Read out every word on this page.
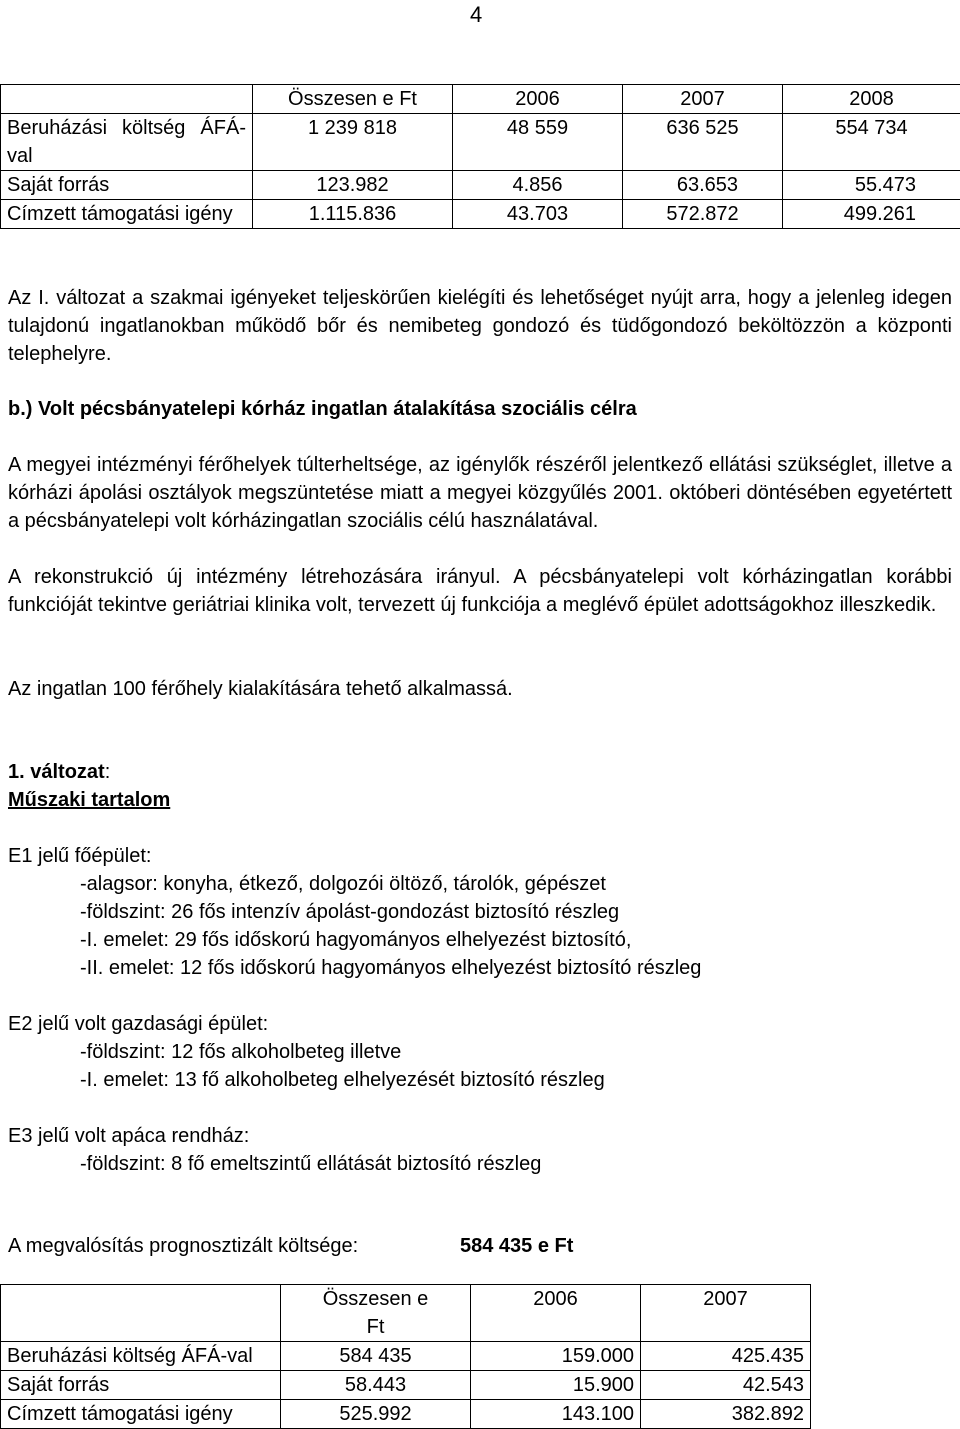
4
	Összesen e Ft	2006	2007	2008
Beruházási költség ÁFÁ-val	1 239 818	48 559	636 525	554 734
Saját forrás	123.982	4.856	63.653	55.473
Címzett támogatási igény	1.115.836	43.703	572.872	499.261
Az I. változat a szakmai igényeket teljeskörűen kielégíti és lehetőséget nyújt arra, hogy a jelenleg idegen tulajdonú ingatlanokban működő bőr és nemibeteg gondozó és tüdőgondozó beköltözzön a központi telephelyre.
b.) Volt pécsbányatelepi kórház ingatlan átalakítása szociális célra
A megyei intézményi férőhelyek túlterheltsége, az igénylők részéről jelentkező ellátási szükséglet, illetve a kórházi ápolási osztályok megszüntetése miatt a megyei közgyűlés 2001. októberi döntésében egyetértett a pécsbányatelepi volt kórházingatlan szociális célú használatával.
A rekonstrukció új intézmény létrehozására irányul. A pécsbányatelepi volt kórházingatlan korábbi funkcióját tekintve geriátriai klinika volt, tervezett új funkciója a meglévő épület adottságokhoz illeszkedik.
Az ingatlan 100 férőhely kialakítására tehető alkalmassá.
1. változat:
Műszaki tartalom
E1 jelű főépület:
-alagsor: konyha, étkező, dolgozói öltöző, tárolók, gépészet
-földszint: 26 fős intenzív ápolást-gondozást biztosító részleg
-I. emelet: 29 fős időskorú hagyományos elhelyezést biztosító,
-II. emelet: 12 fős időskorú hagyományos elhelyezést biztosító részleg
E2 jelű volt gazdasági épület:
-földszint: 12 fős alkoholbeteg illetve
-I. emelet: 13 fő alkoholbeteg elhelyezését biztosító részleg
E3 jelű volt apáca rendház:
-földszint: 8 fő emeltszintű ellátását biztosító részleg
A megvalósítás prognosztizált költsége:	584 435 e Ft
	Összesen e Ft	2006	2007
Beruházási költség ÁFÁ-val	584 435	159.000	425.435
Saját forrás	58.443	15.900	42.543
Címzett támogatási igény	525.992	143.100	382.892
